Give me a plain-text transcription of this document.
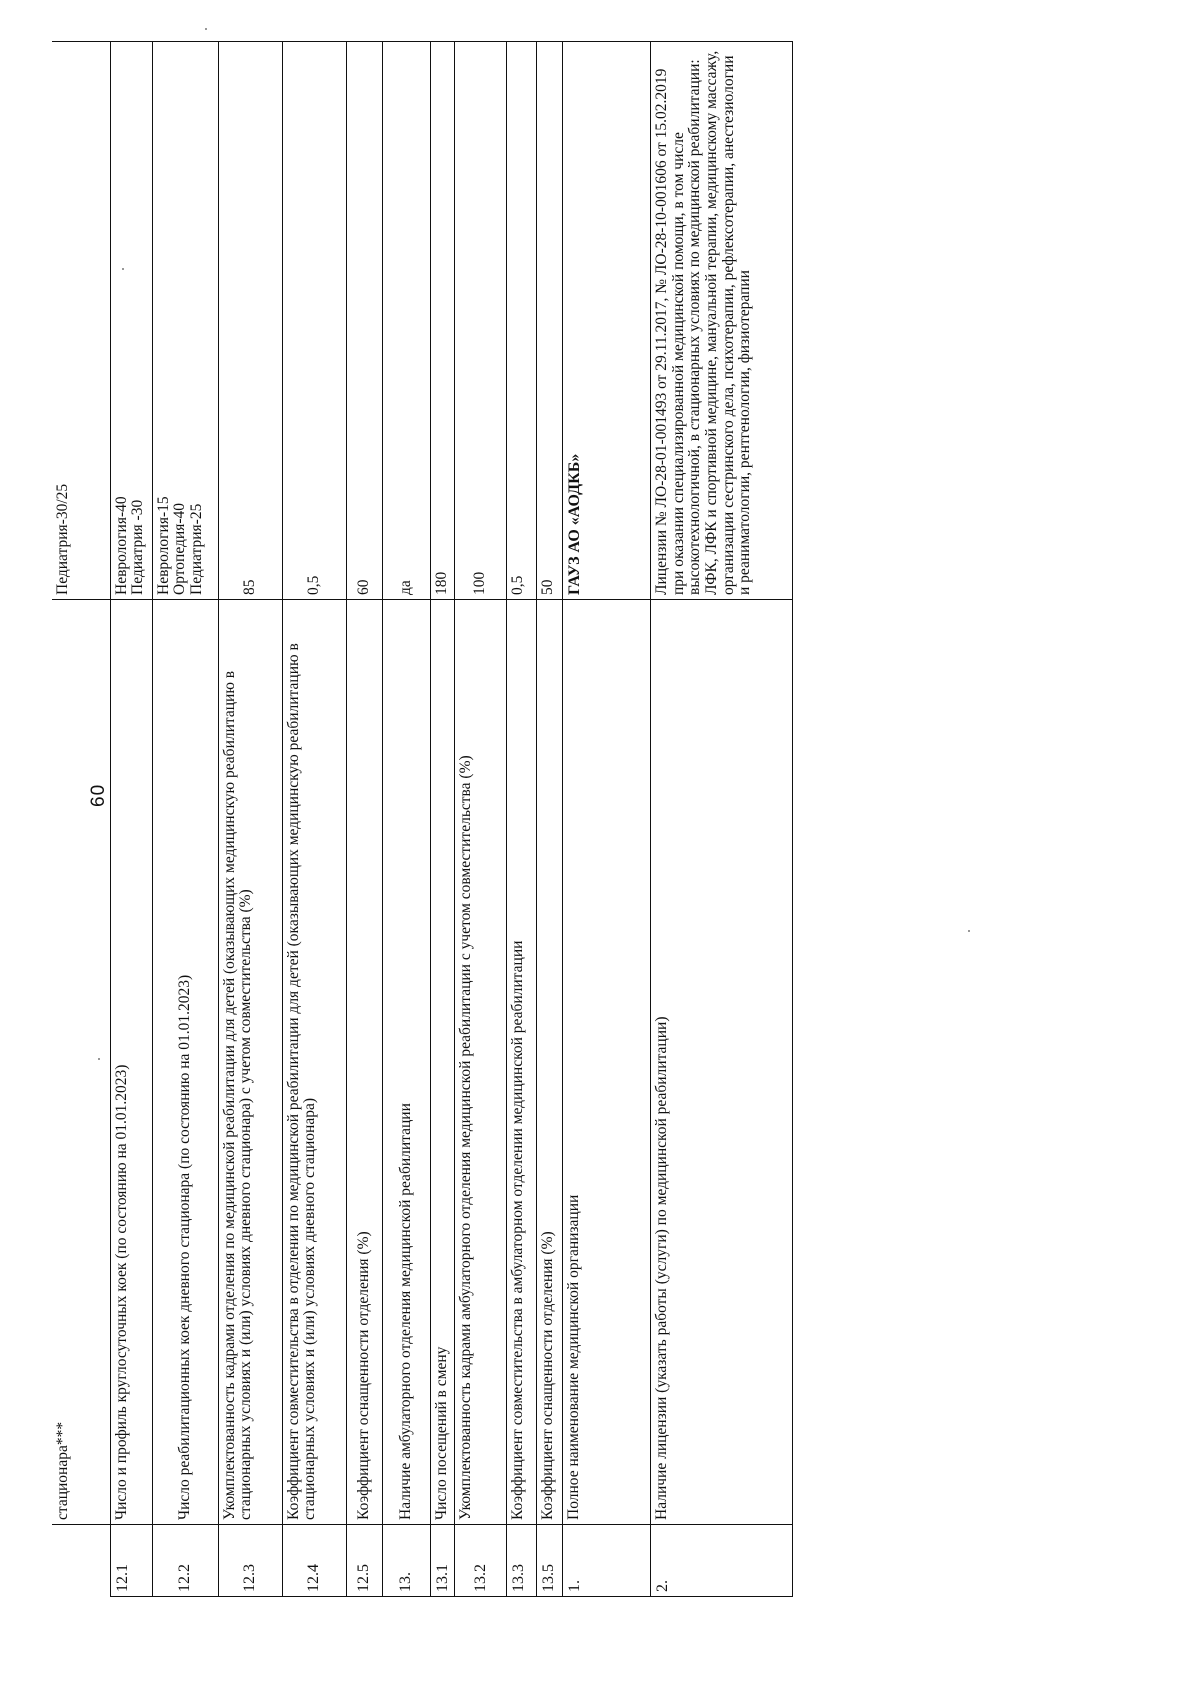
60
	стационара***	Педиатрия-30/25
12.1	Число и профиль круглосуточных коек (по состоянию на 01.01.2023)	Неврология-40 Педиатрия -30

12.2	Число реабилитационных коек дневного стационара (по состоянию на 01.01.2023)	Неврология-15 Ортопедия-40 Педиатрия-25

12.3	Укомплектованность кадрами отделения по медицинской реабилитации для детей (оказывающих медицинскую реабилитацию в стационарных условиях и (или) условиях дневного стационара) с учетом совместительства (%)	85
12.4	Коэффициент совместительства в отделении по медицинской реабилитации для детей (оказывающих медицинскую реабилитацию в стационарных условиях и (или) условиях дневного стационара)	0,5
12.5	Коэффициент оснащенности отделения (%)	60
13.	Наличие амбулаторного отделения медицинской реабилитации	да
13.1	Число посещений в смену	180
13.2	Укомплектованность кадрами амбулаторного отделения медицинской реабилитации с учетом совместительства (%)	100
13.3	Коэффициент совместительства в амбулаторном отделении медицинской реабилитации	0,5
13.5	Коэффициент оснащенности отделения (%)	50
1.	Полное наименование медицинской организации	ГАУЗ АО «АОДКБ»
2.	Наличие лицензии (указать работы (услуги) по медицинской реабилитации)	Лицензии № ЛО-28-01-001493 от 29.11.2017, № ЛО-28-10-001606 от 15.02.2019 при оказании специализированной медицинской помощи, в том числе высокотехнологичной, в стационарных условиях по медицинской реабилитации: ЛФК, ЛФК и спортивной медицине, мануальной терапии, медицинскому массажу, организации сестринского дела, психотерапии, рефлексотерапии, анестезиологии и реаниматологии, рентгенологии, физиотерапии
